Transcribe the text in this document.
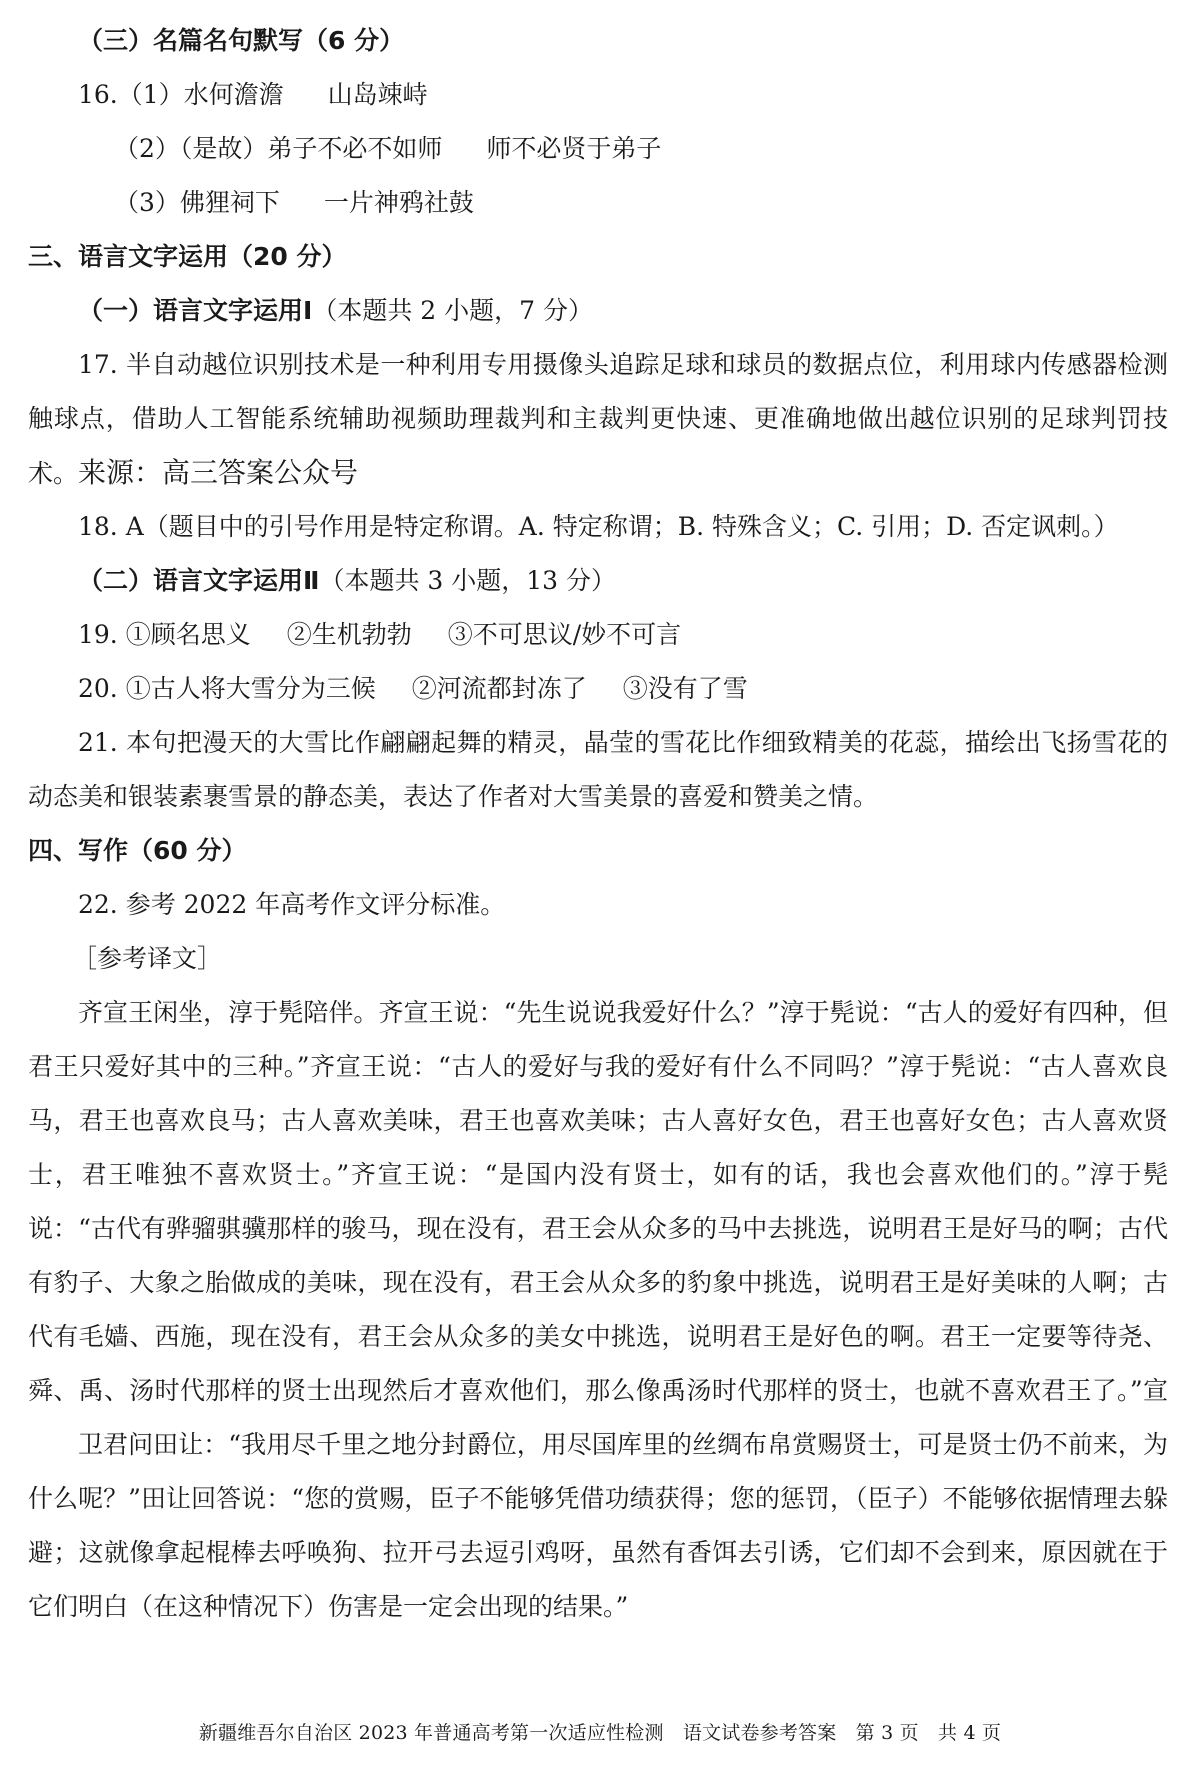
（三）名篇名句默写（6 分）
16.（1）水何澹澹 山岛竦峙
（2）（是故）弟子不必不如师 师不必贤于弟子
（3）佛狸祠下 一片神鸦社鼓
三、语言文字运用（20 分）
（一）语言文字运用Ⅰ（本题共 2 小题，7 分）

17. 半自动越位识别技术是一种利用专用摄像头追踪足球和球员的数据点位，利用球内传感器检测触球点，借助人工智能系统辅助视频助理裁判和主裁判更快速、更准确地做出越位识别的足球判罚技术。来源：高三答案公众号

18. A（题目中的引号作用是特定称谓。A. 特定称谓；B. 特殊含义；C. 引用；D. 否定讽刺。）
（二）语言文字运用Ⅱ（本题共 3 小题，13 分）
19. ①顾名思义 ②生机勃勃 ③不可思议/妙不可言
20. ①古人将大雪分为三候 ②河流都封冻了 ③没有了雪

21. 本句把漫天的大雪比作翩翩起舞的精灵，晶莹的雪花比作细致精美的花蕊，描绘出飞扬雪花的动态美和银装素裹雪景的静态美，表达了作者对大雪美景的喜爱和赞美之情。

四、写作（60 分）
22. 参考 2022 年高考作文评分标准。
［参考译文］

齐宣王闲坐，淳于髡陪伴。齐宣王说：“先生说说我爱好什么？”淳于髡说：“古人的爱好有四种，但君王只爱好其中的三种。”齐宣王说：“古人的爱好与我的爱好有什么不同吗？”淳于髡说：“古人喜欢良马，君王也喜欢良马；古人喜欢美味，君王也喜欢美味；古人喜好女色，君王也喜好女色；古人喜欢贤士，君王唯独不喜欢贤士。”齐宣王说：“是国内没有贤士，如有的话，我也会喜欢他们的。”淳于髡说：“古代有骅骝骐骥那样的骏马，现在没有，君王会从众多的马中去挑选，说明君王是好马的啊；古代有豹子、大象之胎做成的美味，现在没有，君王会从众多的豹象中挑选，说明君王是好美味的人啊；古代有毛嫱、西施，现在没有，君王会从众多的美女中挑选，说明君王是好色的啊。君王一定要等待尧、舜、禹、汤时代那样的贤士出现然后才喜欢他们，那么像禹汤时代那样的贤士，也就不喜欢君王了。”宣

卫君问田让：“我用尽千里之地分封爵位，用尽国库里的丝绸布帛赏赐贤士，可是贤士仍不前来，为什么呢？”田让回答说：“您的赏赐，臣子不能够凭借功绩获得；您的惩罚，（臣子）不能够依据情理去躲避；这就像拿起棍棒去呼唤狗、拉开弓去逗引鸡呀，虽然有香饵去引诱，它们却不会到来，原因就在于它们明白（在这种情况下）伤害是一定会出现的结果。”

新疆维吾尔自治区 2023 年普通高考第一次适应性检测　语文试卷参考答案　第 3 页　共 4 页
